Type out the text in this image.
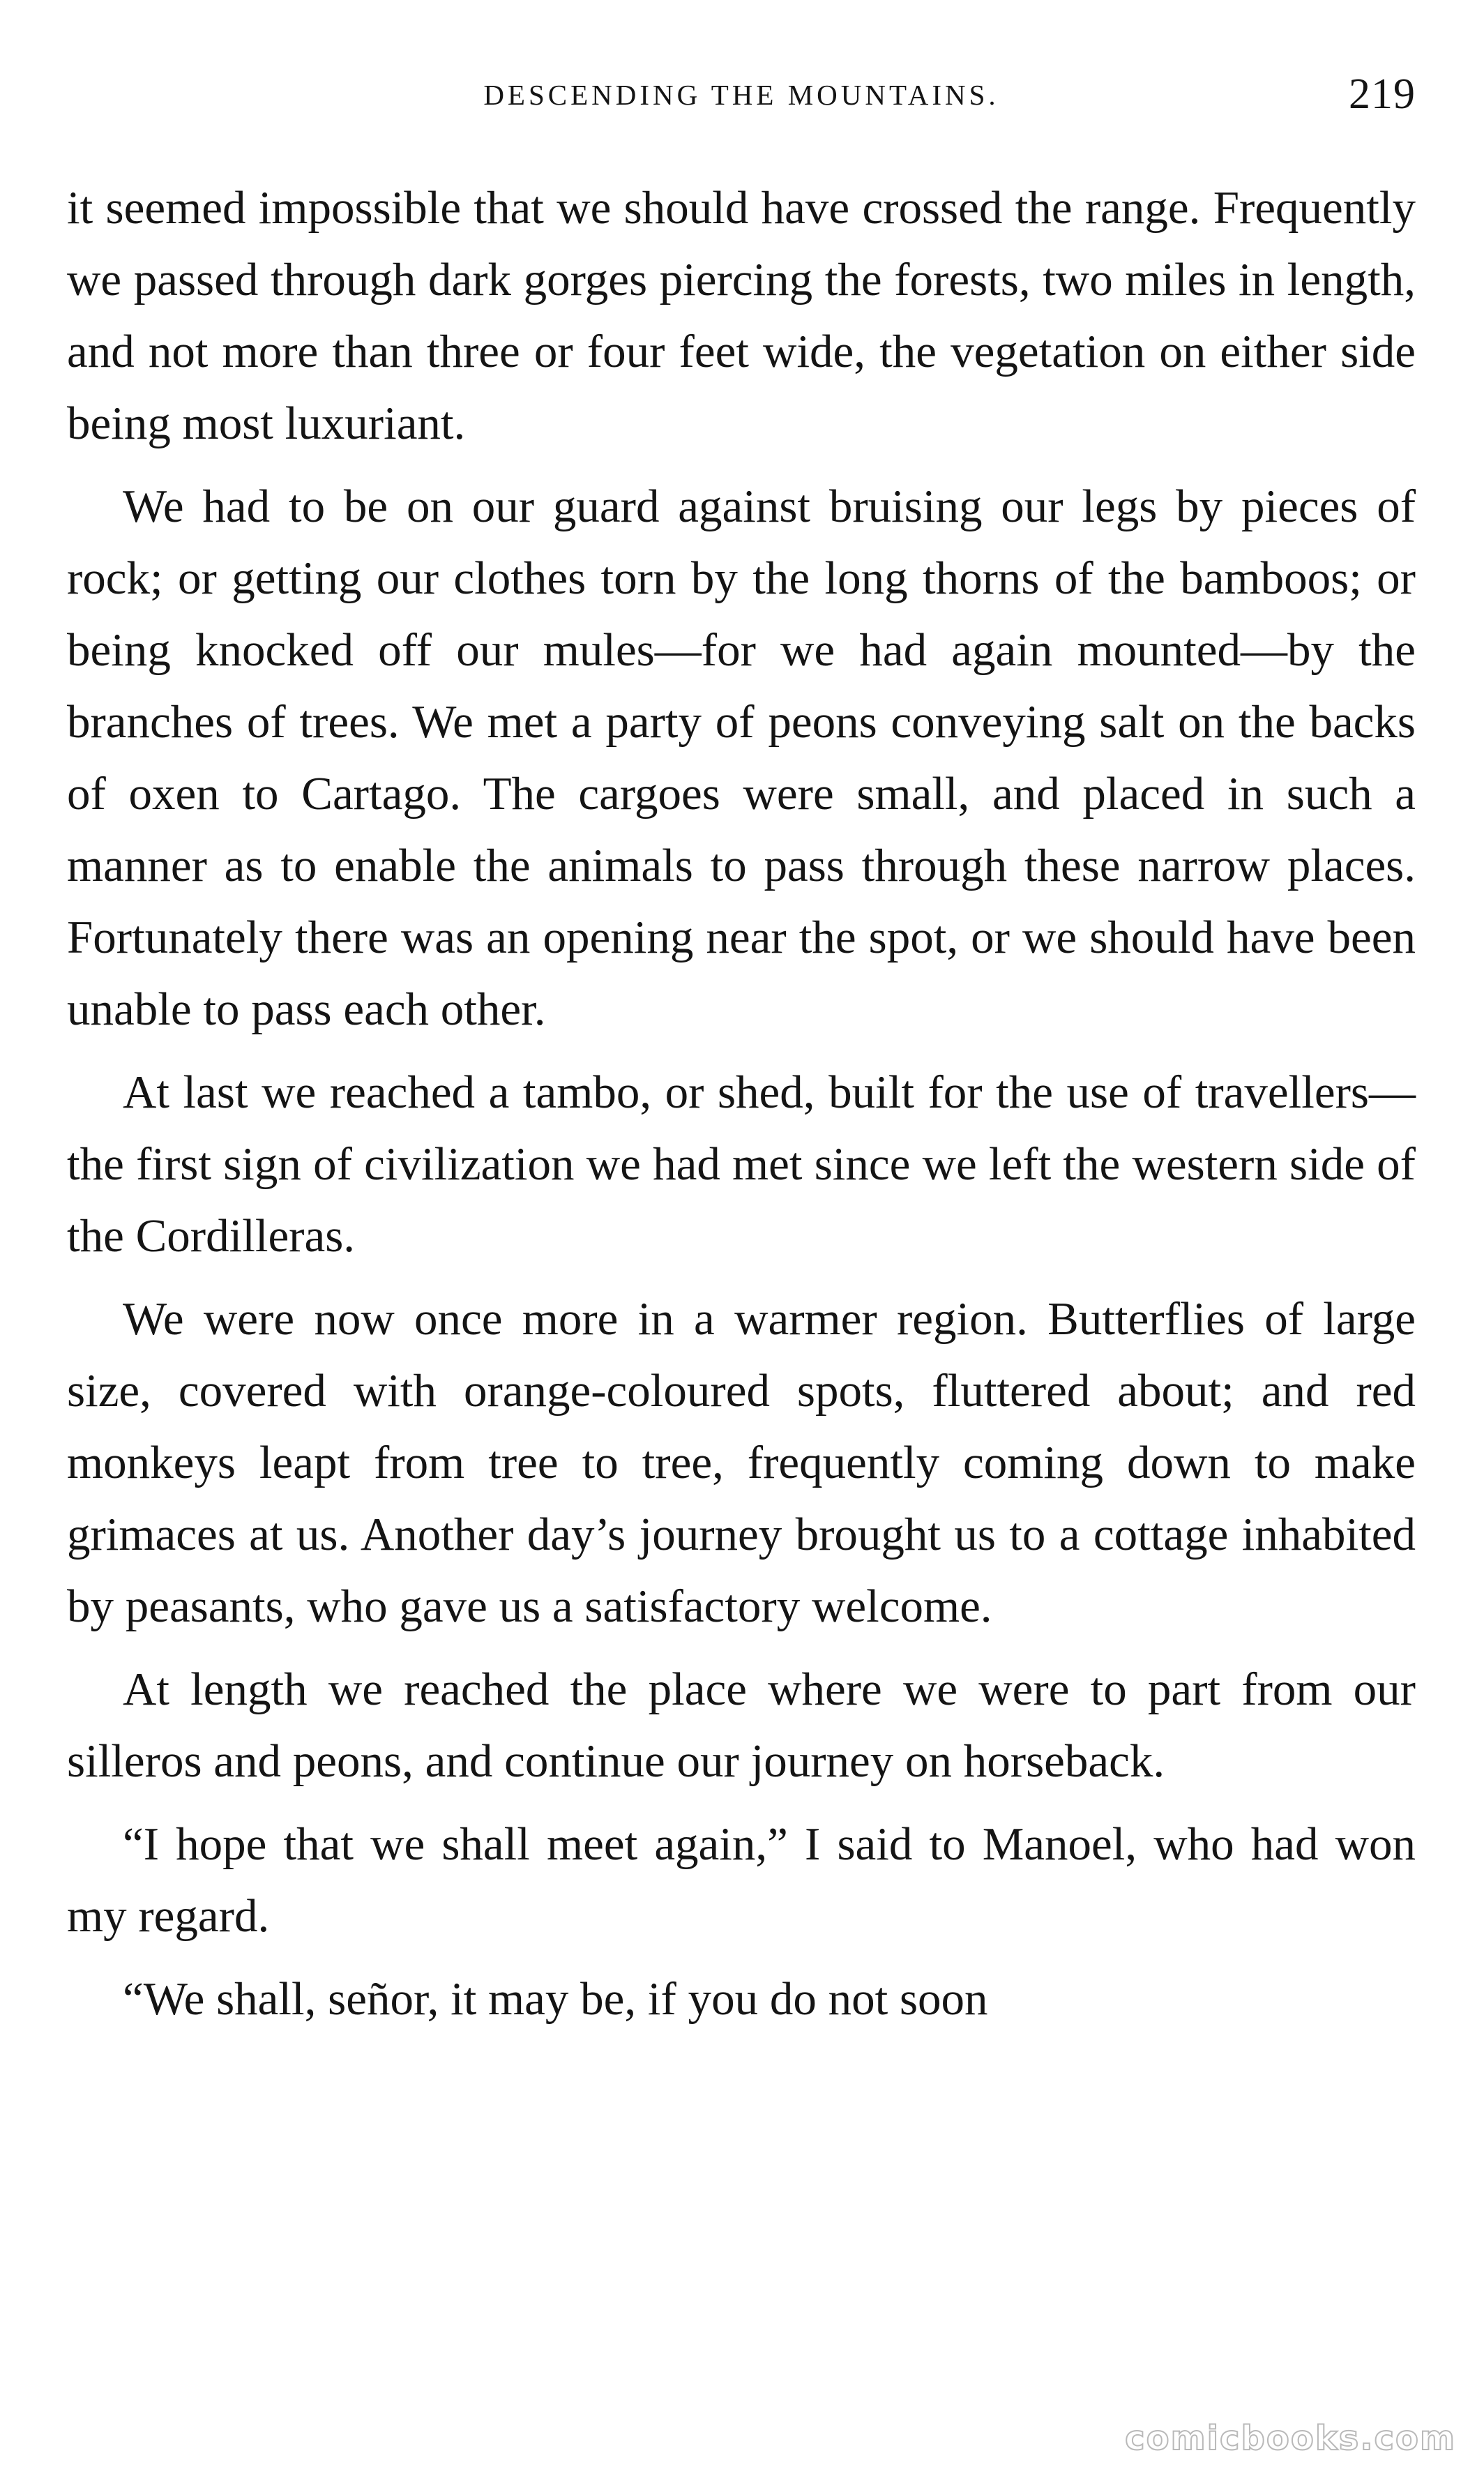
DESCENDING THE MOUNTAINS.	219

it seemed impossible that we should have crossed the range. Frequently we passed through dark gorges piercing the forests, two miles in length, and not more than three or four feet wide, the vegetation on either side being most luxuriant.

We had to be on our guard against bruising our legs by pieces of rock; or getting our clothes torn by the long thorns of the bamboos; or being knocked off our mules—for we had again mounted—by the branches of trees. We met a party of peons conveying salt on the backs of oxen to Cartago. The cargoes were small, and placed in such a manner as to enable the animals to pass through these narrow places. Fortunately there was an opening near the spot, or we should have been unable to pass each other.

At last we reached a tambo, or shed, built for the use of travellers—the first sign of civilization we had met since we left the western side of the Cordilleras.

We were now once more in a warmer region. Butterflies of large size, covered with orange-coloured spots, fluttered about; and red monkeys leapt from tree to tree, frequently coming down to make grimaces at us. Another day’s journey brought us to a cottage inhabited by peasants, who gave us a satisfactory welcome.

At length we reached the place where we were to part from our silleros and peons, and continue our journey on horseback.

“I hope that we shall meet again,” I said to Manoel, who had won my regard.

“We shall, señor, it may be, if you do not soon

comicbooks.com
